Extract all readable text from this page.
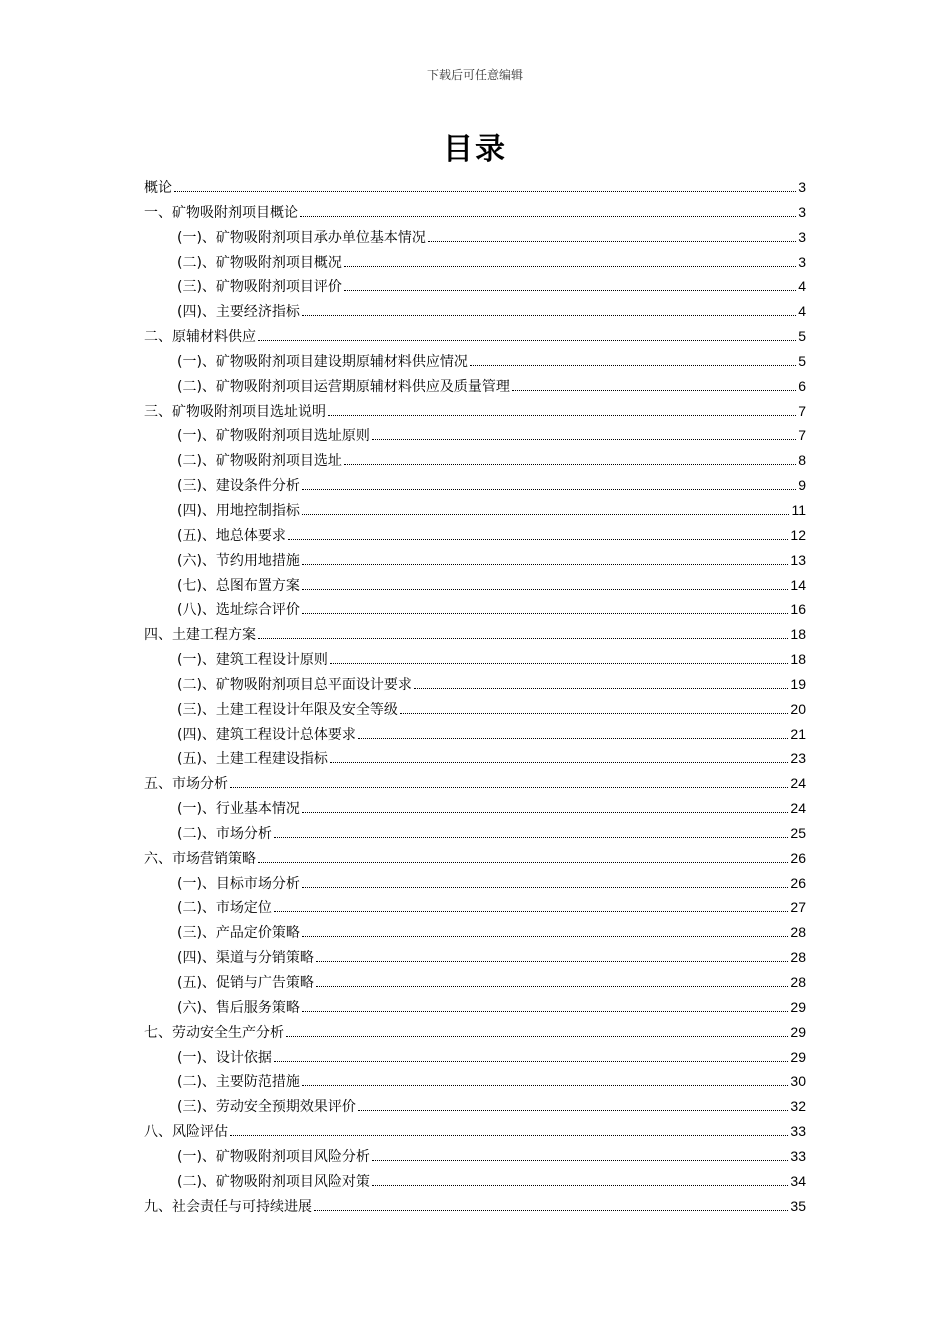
下载后可任意编辑
目录
概论	3
一、矿物吸附剂项目概论	3
(一)、矿物吸附剂项目承办单位基本情况	3
(二)、矿物吸附剂项目概况	3
(三)、矿物吸附剂项目评价	4
(四)、主要经济指标	4
二、原辅材料供应	5
(一)、矿物吸附剂项目建设期原辅材料供应情况	5
(二)、矿物吸附剂项目运营期原辅材料供应及质量管理	6
三、矿物吸附剂项目选址说明	7
(一)、矿物吸附剂项目选址原则	7
(二)、矿物吸附剂项目选址	8
(三)、建设条件分析	9
(四)、用地控制指标	11
(五)、地总体要求	12
(六)、节约用地措施	13
(七)、总图布置方案	14
(八)、选址综合评价	16
四、土建工程方案	18
(一)、建筑工程设计原则	18
(二)、矿物吸附剂项目总平面设计要求	19
(三)、土建工程设计年限及安全等级	20
(四)、建筑工程设计总体要求	21
(五)、土建工程建设指标	23
五、市场分析	24
(一)、行业基本情况	24
(二)、市场分析	25
六、市场营销策略	26
(一)、目标市场分析	26
(二)、市场定位	27
(三)、产品定价策略	28
(四)、渠道与分销策略	28
(五)、促销与广告策略	28
(六)、售后服务策略	29
七、劳动安全生产分析	29
(一)、设计依据	29
(二)、主要防范措施	30
(三)、劳动安全预期效果评价	32
八、风险评估	33
(一)、矿物吸附剂项目风险分析	33
(二)、矿物吸附剂项目风险对策	34
九、社会责任与可持续进展	35
